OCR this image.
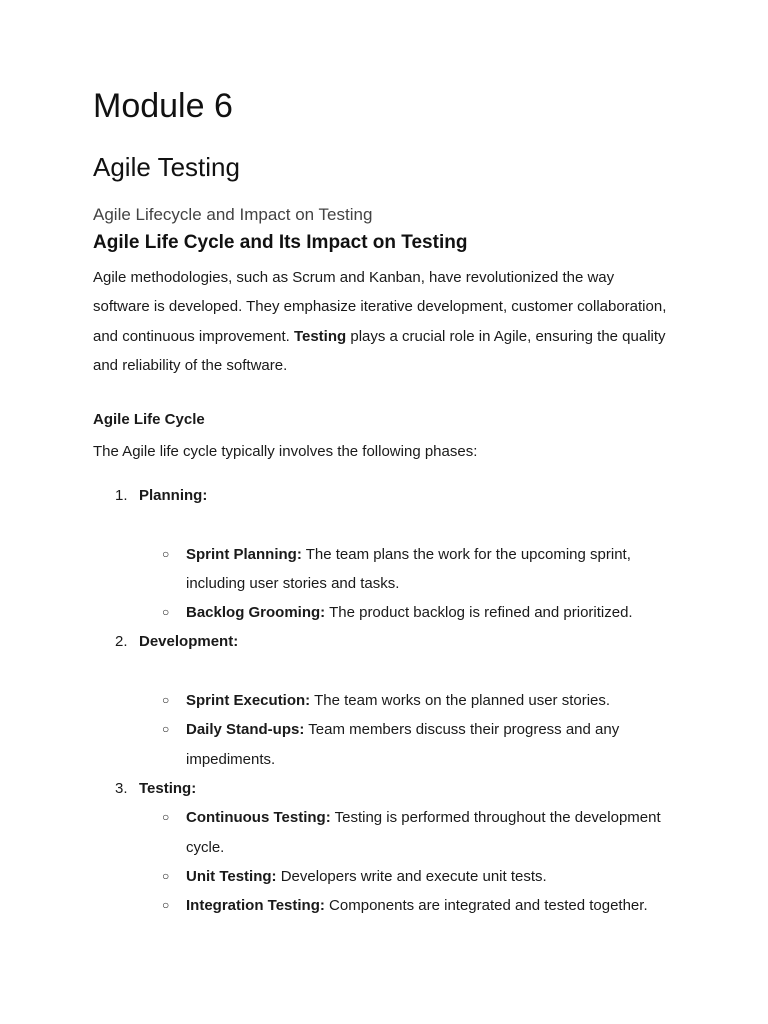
Module 6
Agile Testing
Agile Lifecycle and Impact on Testing
Agile Life Cycle and Its Impact on Testing

Agile methodologies, such as Scrum and Kanban, have revolutionized the way software is developed. They emphasize iterative development, customer collaboration, and continuous improvement. Testing plays a crucial role in Agile, ensuring the quality and reliability of the software.

Agile Life Cycle

The Agile life cycle typically involves the following phases:

1. Planning:
○ Sprint Planning: The team plans the work for the upcoming sprint, including user stories and tasks.
○ Backlog Grooming: The product backlog is refined and prioritized.
2. Development:
○ Sprint Execution: The team works on the planned user stories.
○ Daily Stand-ups: Team members discuss their progress and any impediments.
3. Testing:
○ Continuous Testing: Testing is performed throughout the development cycle.
○ Unit Testing: Developers write and execute unit tests.
○ Integration Testing: Components are integrated and tested together.
